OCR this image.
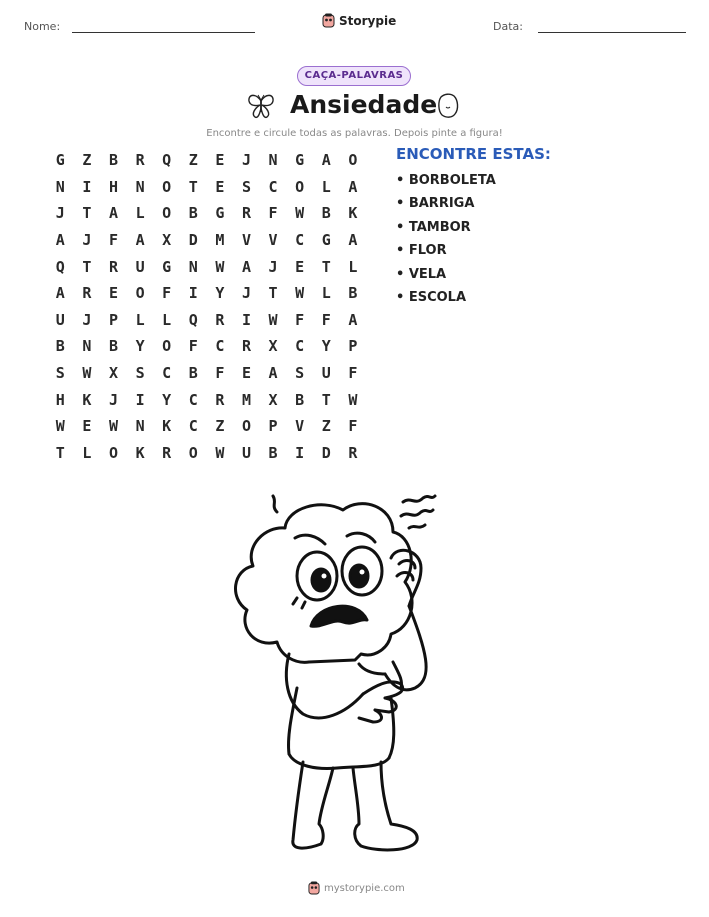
Nome:	Storypie	Data:
CAÇA-PALAVRAS
Ansiedade
Encontre e circule todas as palavras. Depois pinte a figura!
G	Z	B	R	Q	Z	E	J	N	G	A	O
N	I	H	N	O	T	E	S	C	O	L	A
J	T	A	L	O	B	G	R	F	W	B	K
A	J	F	A	X	D	M	V	V	C	G	A
Q	T	R	U	G	N	W	A	J	E	T	L
A	R	E	O	F	I	Y	J	T	W	L	B
U	J	P	L	L	Q	R	I	W	F	F	A
B	N	B	Y	O	F	C	R	X	C	Y	P
S	W	X	S	C	B	F	E	A	S	U	F
H	K	J	I	Y	C	R	M	X	B	T	W
W	E	W	N	K	C	Z	O	P	V	Z	F
T	L	O	K	R	O	W	U	B	I	D	R
ENCONTRE ESTAS:
• BORBOLETA
• BARRIGA
• TAMBOR
• FLOR
• VELA
• ESCOLA
mystorypie.com
